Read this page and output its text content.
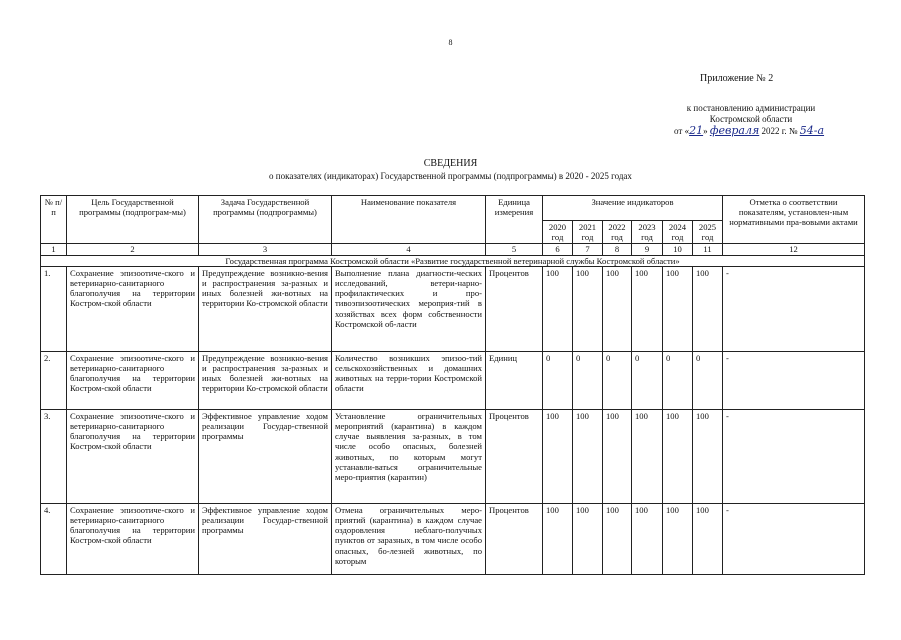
8
Приложение № 2
к постановлению администрации
Костромской области
от «21» февраля 2022 г. № 54-а
СВЕДЕНИЯ
о показателях (индикаторах) Государственной программы (подпрограммы) в 2020 - 2025 годах
№ п/п	Цель Государственной программы (подпрограм-мы)	Задача Государственной программы (подпрограммы)	Наименование показателя	Единица измерения	Значение индикаторов						Отметка о соответствии показателям, установлен-ным нормативными пра-вовыми актами
					2020 год	2021 год	2022 год	2023 год	2024 год	2025 год	
1	2	3	4	5	6	7	8	9	10	11	12
Государственная программа Костромской области «Развитие государственной ветеринарной службы Костромской области»											
1.	Сохранение эпизоотиче-ского и ветеринарно-санитарного благополучия на территории Костром-ской области	Предупреждение возникно-вения и распространения за-разных и иных болезней жи-вотных на территории Ко-стромской области	Выполнение плана диагности-ческих исследований, ветери-нарно-профилактических и про-тивоэпизоотических мероприя-тий в хозяйствах всех форм собственности Костромской об-ласти	Процентов	100	100	100	100	100	100	-
2.	Сохранение эпизоотиче-ского и ветеринарно-санитарного благополучия на территории Костром-ской области	Предупреждение возникно-вения и распространения за-разных и иных болезней жи-вотных на территории Ко-стромской области	Количество возникших эпизоо-тий сельскохозяйственных и домашних животных на терри-тории Костромской области	Единиц	0	0	0	0	0	0	-
3.	Сохранение эпизоотиче-ского и ветеринарно-санитарного благополучия на территории Костром-ской области	Эффективное управление ходом реализации Государ-ственной программы	Установление ограничительных мероприятий (карантина) в каждом случае выявления за-разных, в том числе особо опасных, болезней животных, по которым могут устанавли-ваться ограничительные меро-приятия (карантин)	Процентов	100	100	100	100	100	100	-
4.	Сохранение эпизоотиче-ского и ветеринарно-санитарного благополучия на территории Костром-ской области	Эффективное управление ходом реализации Государ-ственной программы	Отмена ограничительных меро-приятий (карантина) в каждом случае оздоровления неблаго-получных пунктов от заразных, в том числе особо опасных, бо-лезней животных, по которым	Процентов	100	100	100	100	100	100	-
